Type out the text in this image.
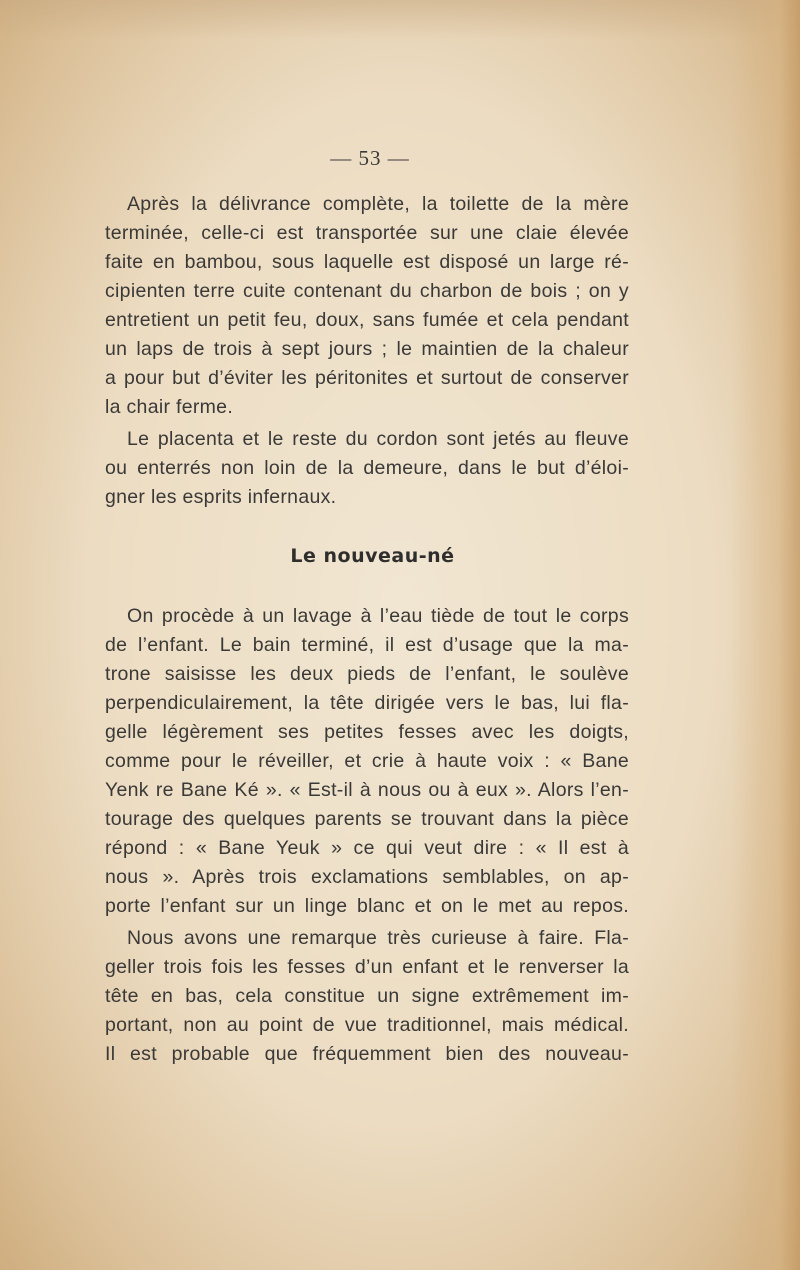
— 53 —
Après la délivrance complète, la toilette de la mère
terminée, celle-ci est transportée sur une claie élevée
faite en bambou, sous laquelle est disposé un large ré-
cipienten terre cuite contenant du charbon de bois ; on y
entretient un petit feu, doux, sans fumée et cela pendant
un laps de trois à sept jours ; le maintien de la chaleur
a pour but d’éviter les péritonites et surtout de conserver
la chair ferme.
Le placenta et le reste du cordon sont jetés au fleuve
ou enterrés non loin de la demeure, dans le but d’éloi-
gner les esprits infernaux.
Le nouveau-né
On procède à un lavage à l’eau tiède de tout le corps
de l’enfant. Le bain terminé, il est d’usage que la ma-
trone saisisse les deux pieds de l’enfant, le soulève
perpendiculairement, la tête dirigée vers le bas, lui fla-
gelle légèrement ses petites fesses avec les doigts,
comme pour le réveiller, et crie à haute voix : « Bane
Yenk re Bane Ké ». « Est-il à nous ou à eux ». Alors l’en-
tourage des quelques parents se trouvant dans la pièce
répond : « Bane Yeuk » ce qui veut dire : « Il est à
nous ». Après trois exclamations semblables, on ap-
porte l’enfant sur un linge blanc et on le met au repos.
Nous avons une remarque très curieuse à faire. Fla-
geller trois fois les fesses d’un enfant et le renverser la
tête en bas, cela constitue un signe extrêmement im-
portant, non au point de vue traditionnel, mais médical.
Il est probable que fréquemment bien des nouveau-
